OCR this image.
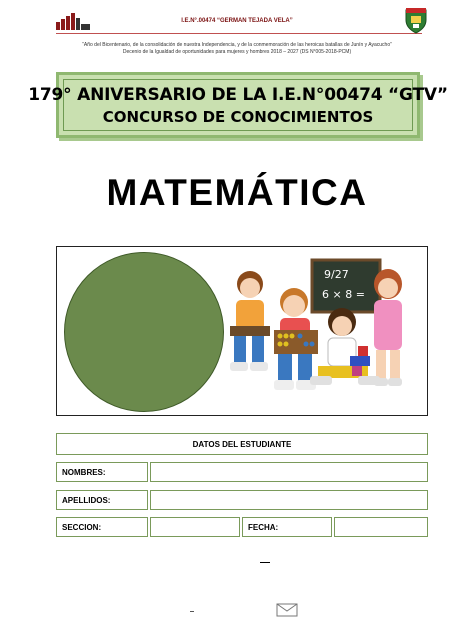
I.E.N°.00474 “GERMAN TEJADA VELA”
“Año del Bicentenario, de la consolidación de nuestra Independencia, y de la conmemoración de las heroicas batallas de Junín y Ayacucho”
Decenio de la Igualdad de oportunidades para mujeres y hombres 2018 – 2027 (DS N°005-2018-PCM)
179° ANIVERSARIO DE LA I.E.N°00474 “GTV”
CONCURSO DE CONOCIMIENTOS
MATEMÁTICA
9/27
6 × 8 =
DATOS DEL ESTUDIANTE
NOMBRES:
APELLIDOS:
SECCION:	FECHA:
